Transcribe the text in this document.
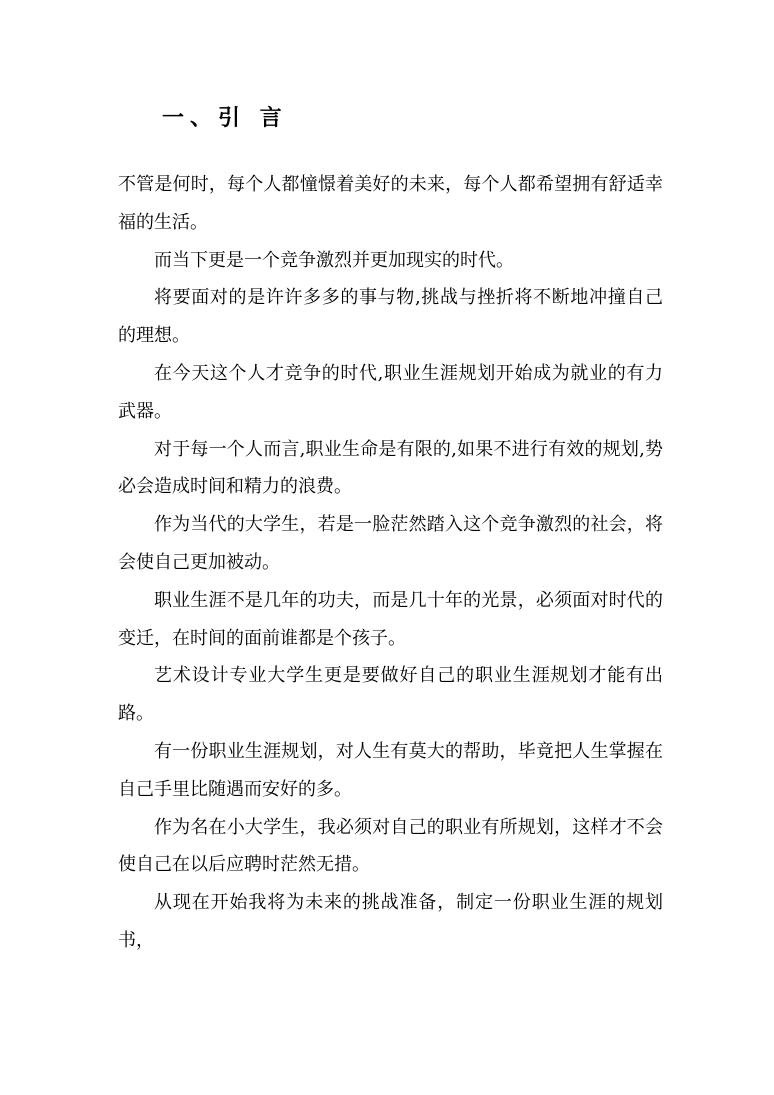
一、引 言

不管是何时，每个人都憧憬着美好的未来，每个人都希望拥有舒适幸福的生活。

而当下更是一个竞争激烈并更加现实的时代。

将要面对的是许许多多的事与物,挑战与挫折将不断地冲撞自己的理想。

在今天这个人才竞争的时代,职业生涯规划开始成为就业的有力武器。

对于每一个人而言,职业生命是有限的,如果不进行有效的规划,势必会造成时间和精力的浪费。

作为当代的大学生，若是一脸茫然踏入这个竞争激烈的社会，将会使自己更加被动。

职业生涯不是几年的功夫，而是几十年的光景，必须面对时代的变迁，在时间的面前谁都是个孩子。

艺术设计专业大学生更是要做好自己的职业生涯规划才能有出路。

有一份职业生涯规划，对人生有莫大的帮助，毕竟把人生掌握在自己手里比随遇而安好的多。

作为名在小大学生，我必须对自己的职业有所规划，这样才不会使自己在以后应聘时茫然无措。

从现在开始我将为未来的挑战准备，制定一份职业生涯的规划书，
